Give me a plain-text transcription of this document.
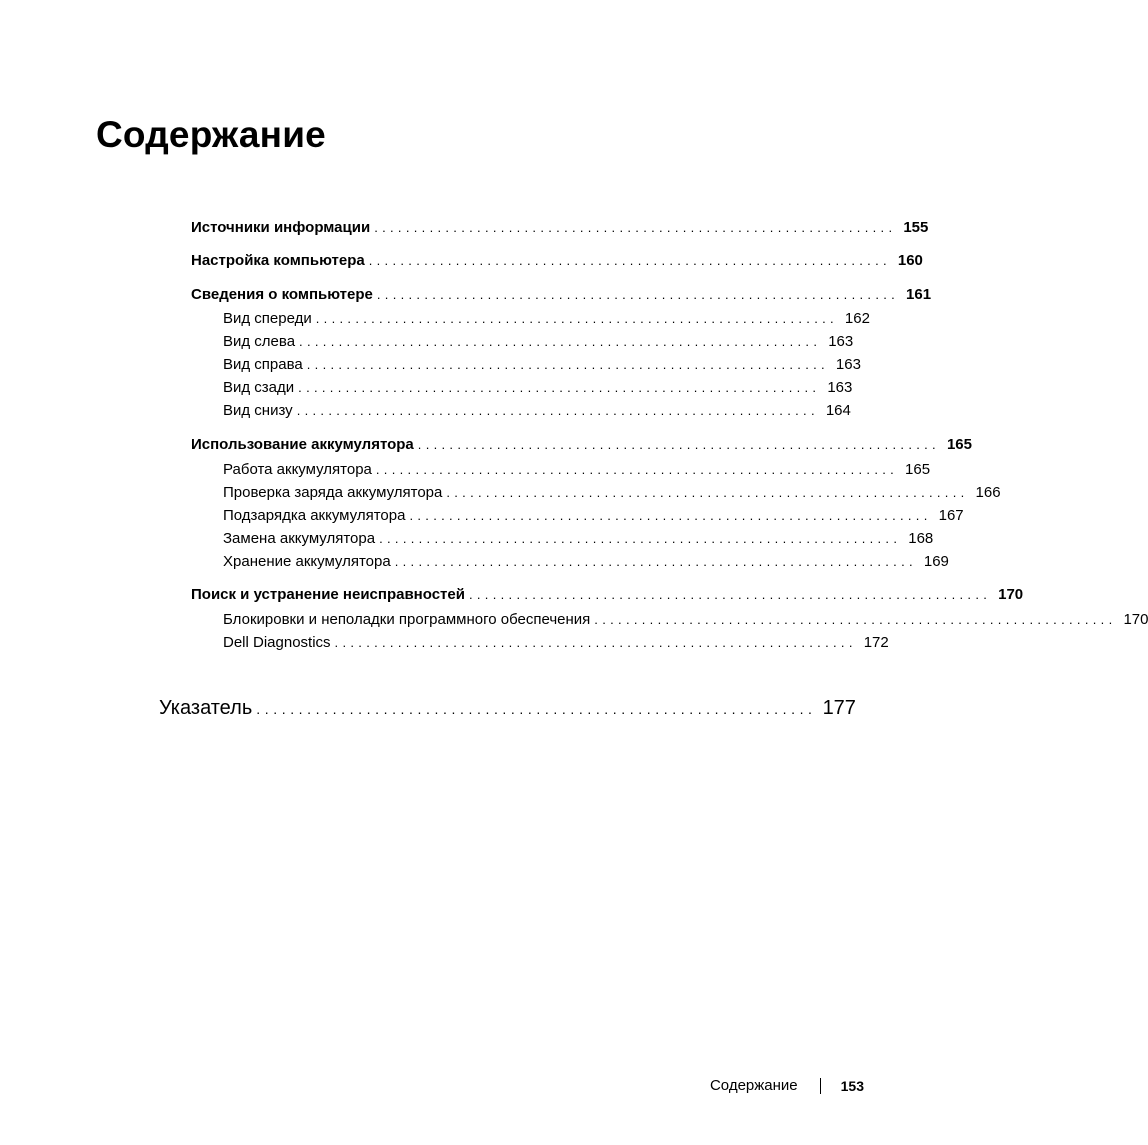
Содержание
Источники информации .................................................................. 155
Настройка компьютера .................................................................. 160
Сведения о компьютере .................................................................. 161
Вид спереди .................................................................. 162
Вид слева .................................................................. 163
Вид справа .................................................................. 163
Вид сзади .................................................................. 163
Вид снизу .................................................................. 164
Использование аккумулятора .................................................................. 165
Работа аккумулятора .................................................................. 165
Проверка заряда аккумулятора .................................................................. 166
Подзарядка аккумулятора .................................................................. 167
Замена аккумулятора .................................................................. 168
Хранение аккумулятора .................................................................. 169
Поиск и устранение неисправностей .................................................................. 170
Блокировки и неполадки программного обеспечения .................................................................. 170
Dell Diagnostics .................................................................. 172
Указатель .................................................................. 177
Содержание	153
